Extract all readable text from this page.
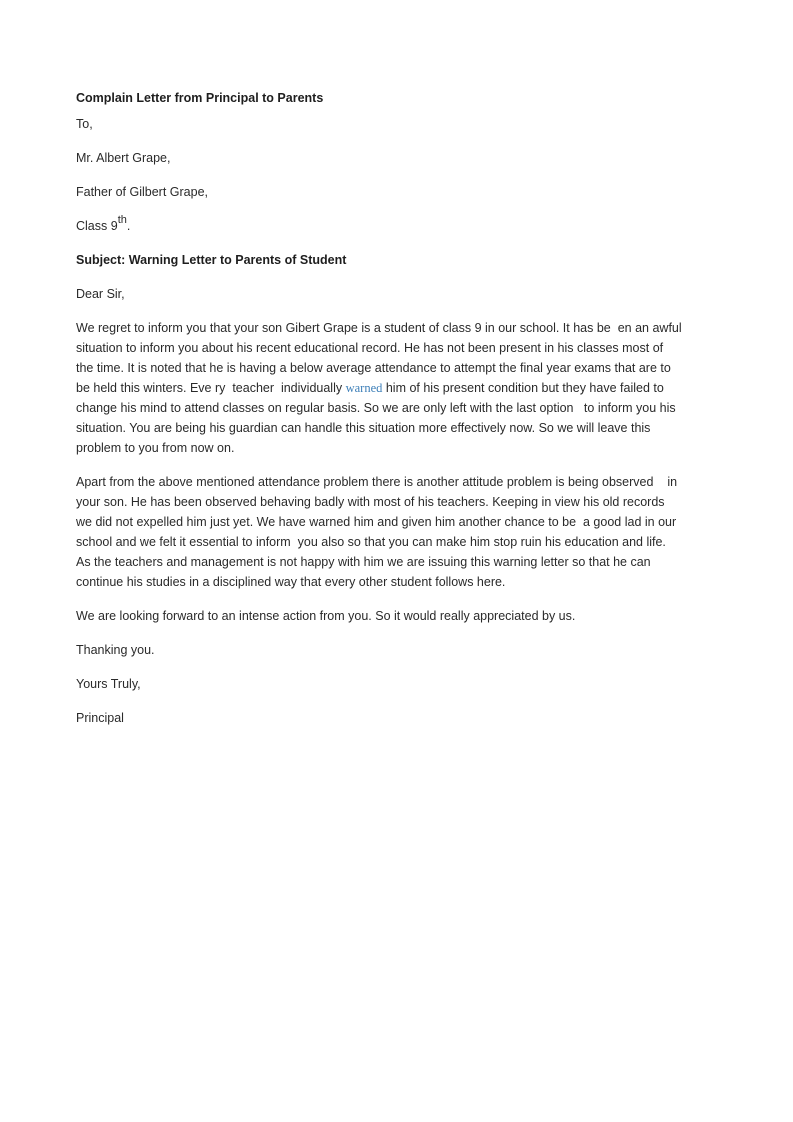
Complain Letter from Principal to Parents
To,
Mr. Albert Grape,
Father of Gilbert Grape,
Class 9th.
Subject: Warning Letter to Parents of Student
Dear Sir,
We regret to inform you that your son Gibert Grape is a student of class 9 in our school. It has be  en an awful
situation to inform you about his recent educational record. He has not been present in his classes most of
the time. It is noted that he is having a below average attendance to attempt the final year exams that are to
be held this winters. Eve ry  teacher  individually warned him of his present condition but they have failed to
change his mind to attend classes on regular basis. So we are only left with the last option   to inform you his
situation. You are being his guardian can handle this situation more effectively now. So we will leave this
problem to you from now on.
Apart from the above mentioned attendance problem there is another attitude problem is being observed    in
your son. He has been observed behaving badly with most of his teachers. Keeping in view his old records
we did not expelled him just yet. We have warned him and given him another chance to be  a good lad in our
school and we felt it essential to inform  you also so that you can make him stop ruin his education and life.
As the teachers and management is not happy with him we are issuing this warning letter so that he can
continue his studies in a disciplined way that every other student follows here.
We are looking forward to an intense action from you. So it would really appreciated by us.
Thanking you.
Yours Truly,
Principal
